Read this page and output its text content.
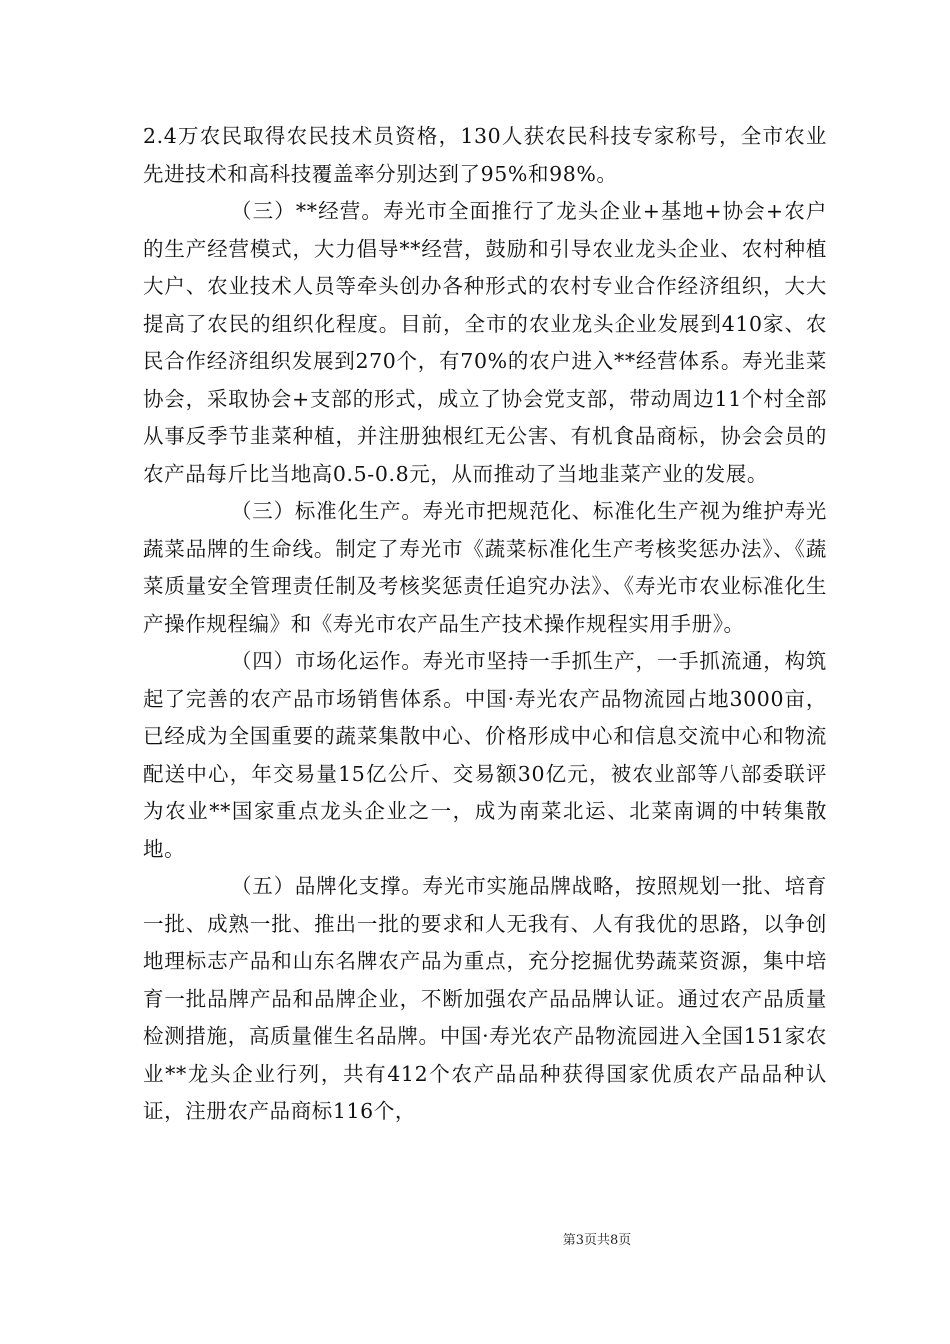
2.4万农民取得农民技术员资格，130人获农民科技专家称号，全市农业先进技术和高科技覆盖率分别达到了95%和98%。

（三）**经营。寿光市全面推行了龙头企业+基地+协会+农户的生产经营模式，大力倡导**经营，鼓励和引导农业龙头企业、农村种植大户、农业技术人员等牵头创办各种形式的农村专业合作经济组织，大大提高了农民的组织化程度。目前，全市的农业龙头企业发展到410家、农民合作经济组织发展到270个，有70%的农户进入**经营体系。寿光韭菜协会，采取协会+支部的形式，成立了协会党支部，带动周边11个村全部从事反季节韭菜种植，并注册独根红无公害、有机食品商标，协会会员的农产品每斤比当地高0.5-0.8元，从而推动了当地韭菜产业的发展。

（三）标准化生产。寿光市把规范化、标准化生产视为维护寿光蔬菜品牌的生命线。制定了寿光市《蔬菜标准化生产考核奖惩办法》、《蔬菜质量安全管理责任制及考核奖惩责任追究办法》、《寿光市农业标准化生产操作规程编》和《寿光市农产品生产技术操作规程实用手册》。

（四）市场化运作。寿光市坚持一手抓生产，一手抓流通，构筑起了完善的农产品市场销售体系。中国·寿光农产品物流园占地3000亩，已经成为全国重要的蔬菜集散中心、价格形成中心和信息交流中心和物流配送中心，年交易量15亿公斤、交易额30亿元，被农业部等八部委联评为农业**国家重点龙头企业之一，成为南菜北运、北菜南调的中转集散地。

（五）品牌化支撑。寿光市实施品牌战略，按照规划一批、培育一批、成熟一批、推出一批的要求和人无我有、人有我优的思路，以争创地理标志产品和山东名牌农产品为重点，充分挖掘优势蔬菜资源，集中培育一批品牌产品和品牌企业，不断加强农产品品牌认证。通过农产品质量检测措施，高质量催生名品牌。中国·寿光农产品物流园进入全国151家农业**龙头企业行列，共有412个农产品品种获得国家优质农产品品种认证，注册农产品商标116个，

第3页共8页
